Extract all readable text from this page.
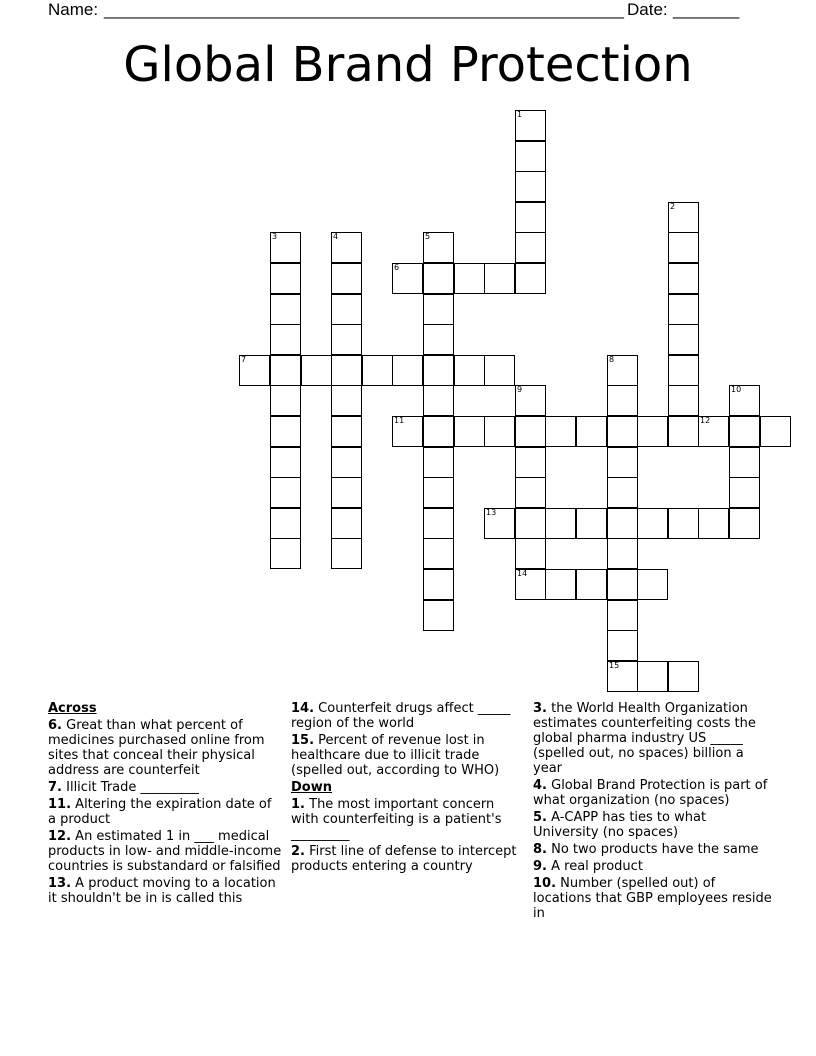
Name: _______________________________________________________ Date: _______
Global Brand Protection
1
2
3	4	5
6
7	8
15
9
14
10
11	12
13
Across
6. Great than what percent of medicines purchased online from sites that conceal their physical address are counterfeit
7. Illicit Trade _________
11. Altering the expiration date of a product
12. An estimated 1 in ___ medical products in low- and middle-income countries is substandard or falsified
13. A product moving to a location it shouldn't be in is called this
14. Counterfeit drugs affect _____ region of the world
15. Percent of revenue lost in healthcare due to illicit trade (spelled out, according to WHO)
Down
1. The most important concern with counterfeiting is a patient's _________
2. First line of defense to intercept products entering a country
3. the World Health Organization estimates counterfeiting costs the global pharma industry US _____ (spelled out, no spaces) billion a year
4. Global Brand Protection is part of what organization (no spaces)
5. A-CAPP has ties to what University (no spaces)
8. No two products have the same
9. A real product
10. Number (spelled out) of locations that GBP employees reside in
